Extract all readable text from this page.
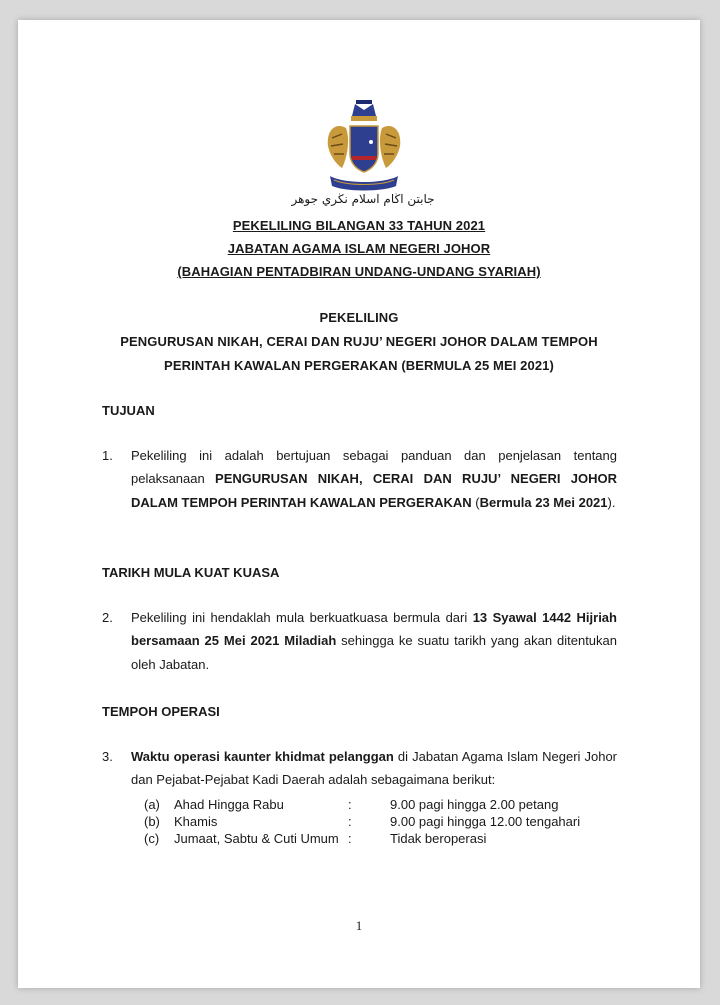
جابتن اڬام اسلام نڬري جوهر
PEKELILING BILANGAN 33 TAHUN 2021
JABATAN AGAMA ISLAM NEGERI JOHOR
(BAHAGIAN PENTADBIRAN UNDANG-UNDANG SYARIAH)
PEKELILING
PENGURUSAN NIKAH, CERAI DAN RUJU’ NEGERI JOHOR DALAM TEMPOH
PERINTAH KAWALAN PERGERAKAN (BERMULA 25 MEI 2021)
TUJUAN
1. Pekeliling ini adalah bertujuan sebagai panduan dan penjelasan tentang pelaksanaan PENGURUSAN NIKAH, CERAI DAN RUJU’ NEGERI JOHOR DALAM TEMPOH PERINTAH KAWALAN PERGERAKAN (Bermula 23 Mei 2021).
TARIKH MULA KUAT KUASA
2. Pekeliling ini hendaklah mula berkuatkuasa bermula dari 13 Syawal 1442 Hijriah bersamaan 25 Mei 2021 Miladiah sehingga ke suatu tarikh yang akan ditentukan oleh Jabatan.
TEMPOH OPERASI
3. Waktu operasi kaunter khidmat pelanggan di Jabatan Agama Islam Negeri Johor dan Pejabat-Pejabat Kadi Daerah adalah sebagaimana berikut:
(a) Ahad Hingga Rabu	:	9.00 pagi hingga 2.00 petang
(b) Khamis	:	9.00 pagi hingga 12.00 tengahari
(c) Jumaat, Sabtu & Cuti Umum :	Tidak beroperasi
1
